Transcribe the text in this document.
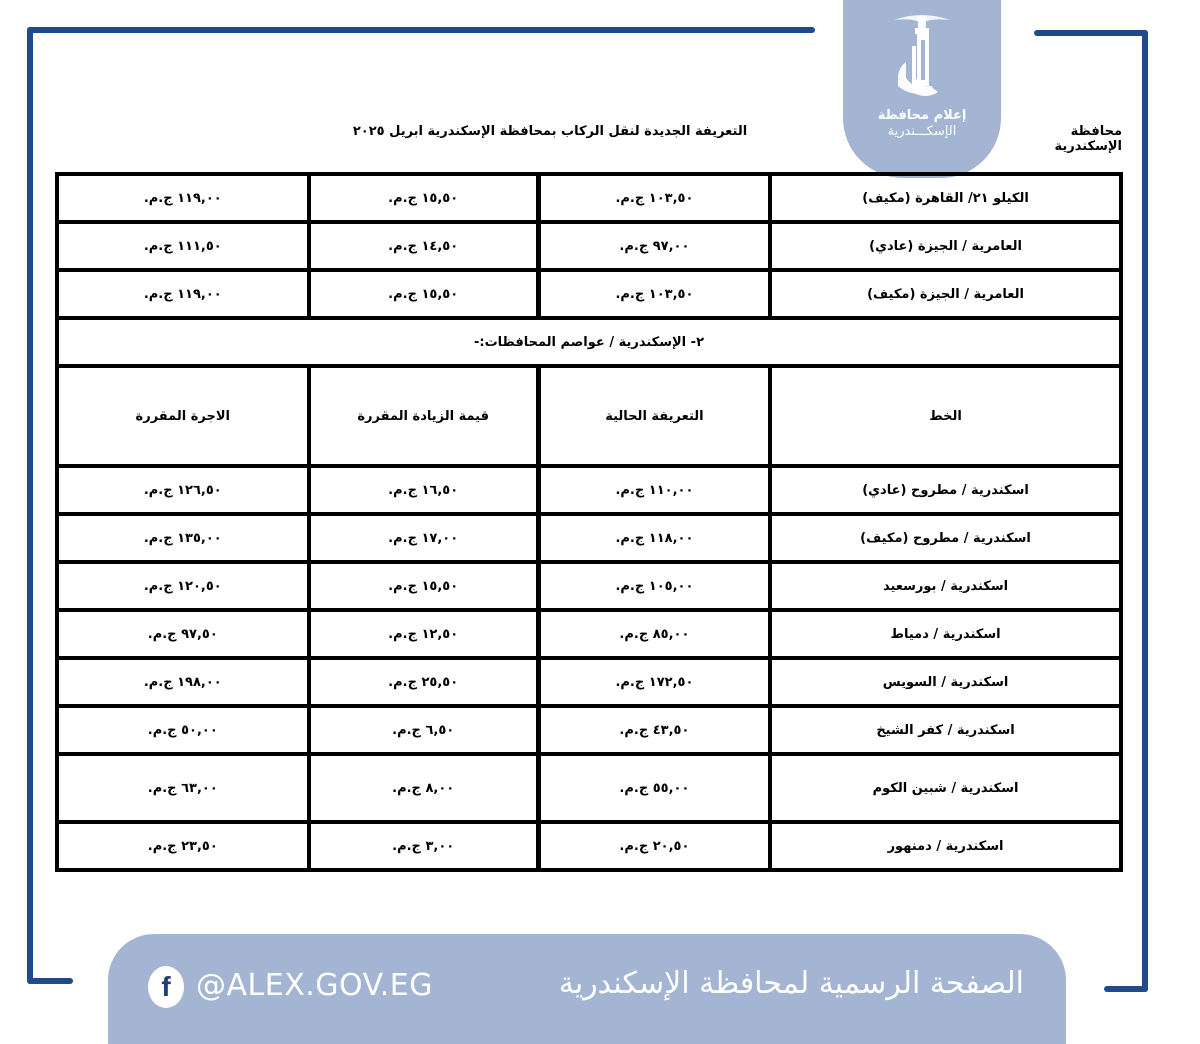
إعلام محافظة
الإسكـــندرية	محافظة الإسكندرية
التعريفة الجديدة لنقل الركاب بمحافظة الإسكندرية ابريل ٢٠٢٥
الكيلو ٢١/ القاهرة (مكيف)	١٠٣,٥٠ ج.م.	١٥,٥٠ ج.م.	١١٩,٠٠ ج.م.
العامرية / الجيزة (عادي)	٩٧,٠٠ ج.م.	١٤,٥٠ ج.م.	١١١,٥٠ ج.م.
العامرية / الجيزة (مكيف)	١٠٣,٥٠ ج.م.	١٥,٥٠ ج.م.	١١٩,٠٠ ج.م.
٢- الإسكندرية / عواصم المحافظات:-			
الخط	التعريفة الحالية	قيمة الزيادة المقررة	الاجرة المقررة
اسكندرية / مطروح (عادي)	١١٠,٠٠ ج.م.	١٦,٥٠ ج.م.	١٢٦,٥٠ ج.م.
اسكندرية / مطروح (مكيف)	١١٨,٠٠ ج.م.	١٧,٠٠ ج.م.	١٣٥,٠٠ ج.م.
اسكندرية / بورسعيد	١٠٥,٠٠ ج.م.	١٥,٥٠ ج.م.	١٢٠,٥٠ ج.م.
اسكندرية / دمياط	٨٥,٠٠ ج.م.	١٢,٥٠ ج.م.	٩٧,٥٠ ج.م.
اسكندرية / السويس	١٧٢,٥٠ ج.م.	٢٥,٥٠ ج.م.	١٩٨,٠٠ ج.م.
اسكندرية / كفر الشيخ	٤٣,٥٠ ج.م.	٦,٥٠ ج.م.	٥٠,٠٠ ج.م.
اسكندرية / شبين الكوم	٥٥,٠٠ ج.م.	٨,٠٠ ج.م.	٦٣,٠٠ ج.م.
اسكندرية / دمنهور	٢٠,٥٠ ج.م.	٣,٠٠ ج.م.	٢٣,٥٠ ج.م.
f @ALEX.GOV.EG	الصفحة الرسمية لمحافظة الإسكندرية
